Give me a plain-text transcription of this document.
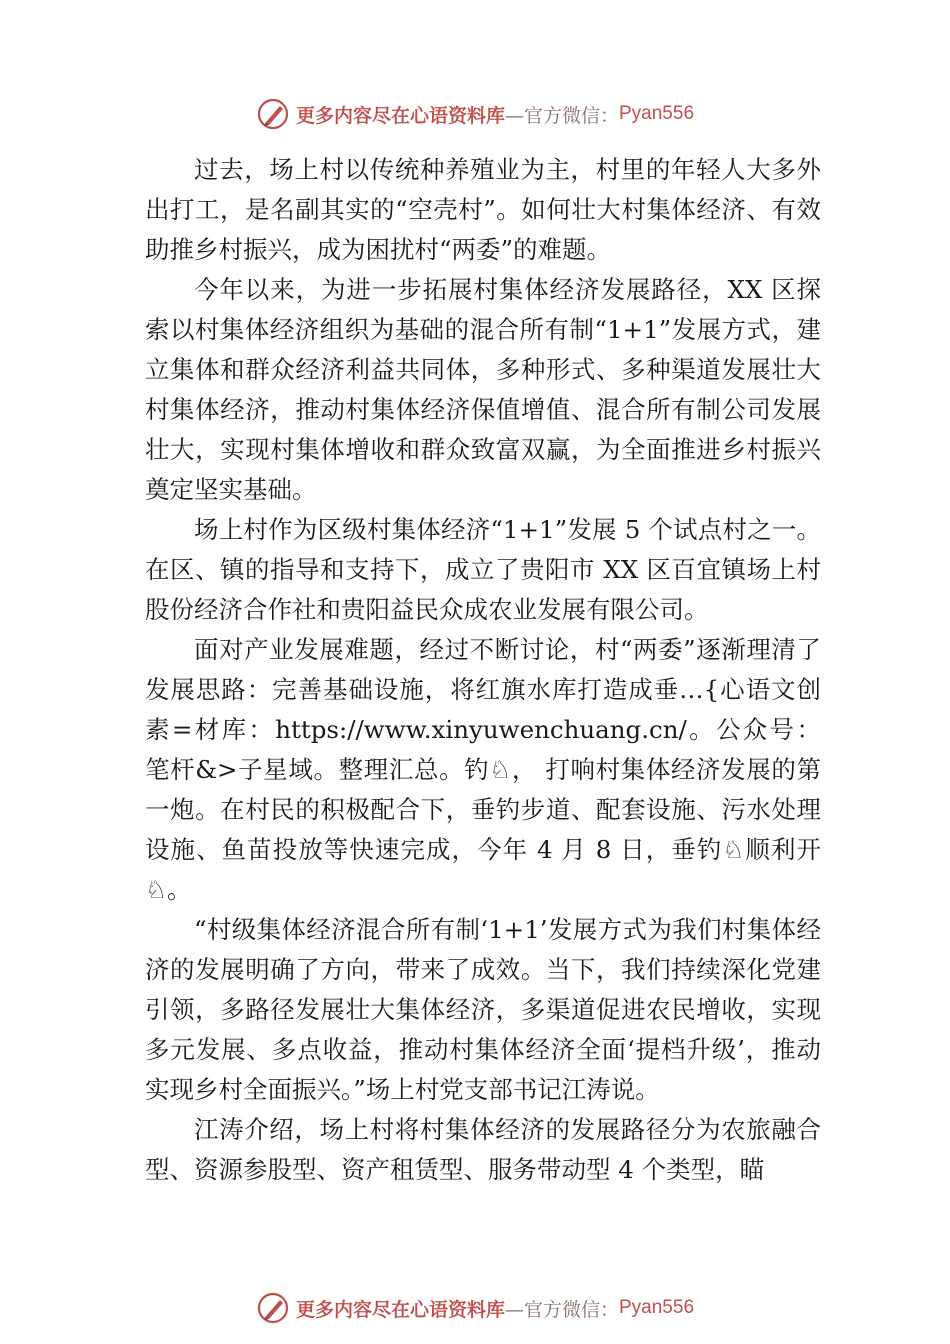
更多内容尽在心语资料库 —官方微信： Pyan556

过去，场上村以传统种养殖业为主，村里的年轻人大多外出打工，是名副其实的“空壳村”。如何壮大村集体经济、有效助推乡村振兴，成为困扰村“两委”的难题。

今年以来，为进一步拓展村集体经济发展路径，XX 区探索以村集体经济组织为基础的混合所有制“1+1”发展方式，建立集体和群众经济利益共同体，多种形式、多种渠道发展壮大村集体经济，推动村集体经济保值增值、混合所有制公司发展壮大，实现村集体增收和群众致富双赢，为全面推进乡村振兴奠定坚实基础。

场上村作为区级村集体经济“1+1”发展 5 个试点村之一。在区、镇的指导和支持下，成立了贵阳市 XX 区百宜镇场上村股份经济合作社和贵阳益民众成农业发展有限公司。

面对产业发展难题，经过不断讨论，村“两委”逐渐理清了发展思路：完善基础设施，将红旗水库打造成垂…{心语文创素=材库：https://www.xinyuwenchuang.cn/。公众号：笔杆&>子星域。整理汇总。钓♘， 打响村集体经济发展的第一炮。在村民的积极配合下，垂钓步道、配套设施、污水处理设施、鱼苗投放等快速完成，今年 4 月 8 日，垂钓♘顺利开♘。

“村级集体经济混合所有制‘1+1’发展方式为我们村集体经济的发展明确了方向，带来了成效。当下，我们持续深化党建引领，多路径发展壮大集体经济，多渠道促进农民增收，实现多元发展、多点收益，推动村集体经济全面‘提档升级’，推动实现乡村全面振兴。”场上村党支部书记江涛说。

江涛介绍，场上村将村集体经济的发展路径分为农旅融合型、资源参股型、资产租赁型、服务带动型 4 个类型，瞄

更多内容尽在心语资料库 —官方微信： Pyan556
